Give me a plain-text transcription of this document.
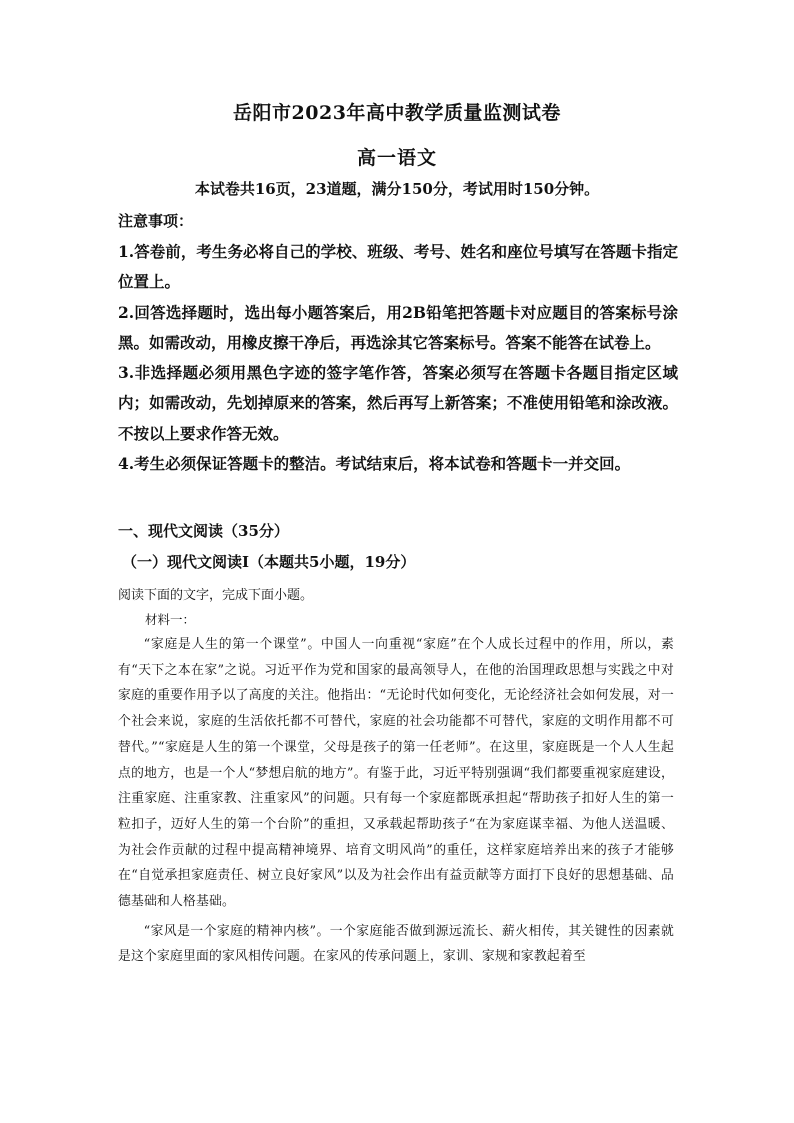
岳阳市2023年高中教学质量监测试卷
高一语文
本试卷共16页，23道题，满分150分，考试用时150分钟。
注意事项：

1.答卷前，考生务必将自己的学校、班级、考号、姓名和座位号填写在答题卡指定位置上。

2.回答选择题时，选出每小题答案后，用2B铅笔把答题卡对应题目的答案标号涂黑。如需改动，用橡皮擦干净后，再选涂其它答案标号。答案不能答在试卷上。

3.非选择题必须用黑色字迹的签字笔作答，答案必须写在答题卡各题目指定区域内；如需改动，先划掉原来的答案，然后再写上新答案；不准使用铅笔和涂改液。不按以上要求作答无效。

4.考生必须保证答题卡的整洁。考试结束后，将本试卷和答题卡一并交回。

一、现代文阅读（35分）
（一）现代文阅读Ⅰ（本题共5小题，19分）
阅读下面的文字，完成下面小题。
材料一：

“家庭是人生的第一个课堂”。中国人一向重视“家庭”在个人成长过程中的作用，所以，素有“天下之本在家”之说。习近平作为党和国家的最高领导人，在他的治国理政思想与实践之中对家庭的重要作用予以了高度的关注。他指出：“无论时代如何变化，无论经济社会如何发展，对一个社会来说，家庭的生活依托都不可替代，家庭的社会功能都不可替代，家庭的文明作用都不可替代。”“家庭是人生的第一个课堂，父母是孩子的第一任老师”。在这里，家庭既是一个人人生起点的地方，也是一个人“梦想启航的地方”。有鉴于此，习近平特别强调“我们都要重视家庭建设，注重家庭、注重家教、注重家风”的问题。只有每一个家庭都既承担起“帮助孩子扣好人生的第一粒扣子，迈好人生的第一个台阶”的重担，又承载起帮助孩子“在为家庭谋幸福、为他人送温暖、为社会作贡献的过程中提高精神境界、培育文明风尚”的重任，这样家庭培养出来的孩子才能够在“自觉承担家庭责任、树立良好家风”以及为社会作出有益贡献等方面打下良好的思想基础、品德基础和人格基础。

“家风是一个家庭的精神内核”。一个家庭能否做到源远流长、薪火相传，其关键性的因素就是这个家庭里面的家风相传问题。在家风的传承问题上，家训、家规和家教起着至
